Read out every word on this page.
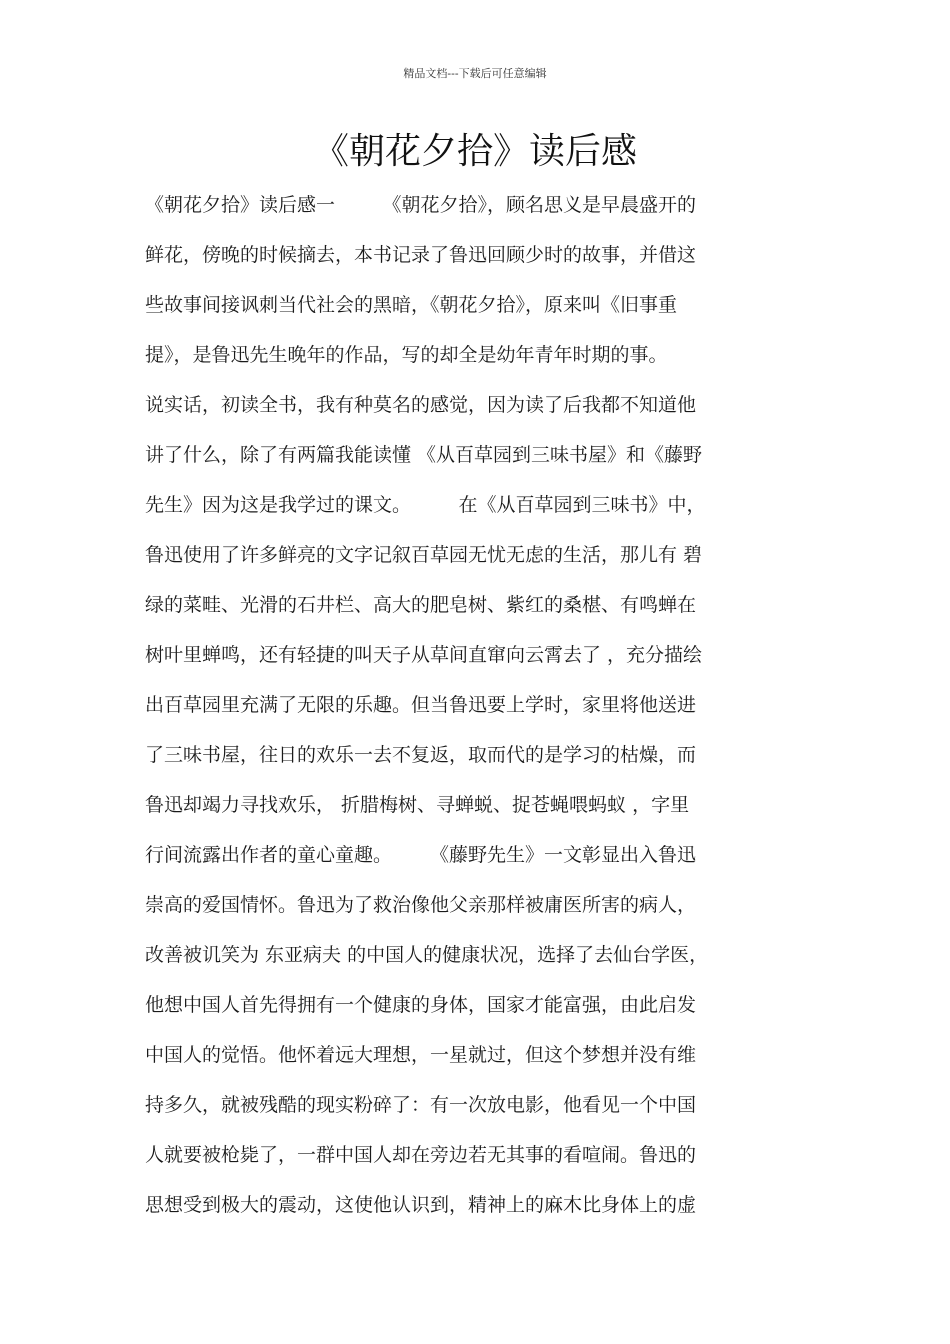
精品文档---下载后可任意编辑
《朝花夕拾》读后感
《朝花夕拾》读后感一　　　《朝花夕拾》，顾名思义是早晨盛开的
鲜花，傍晚的时候摘去，本书记录了鲁迅回顾少时的故事，并借这
些故事间接讽刺当代社会的黑暗，《朝花夕拾》，原来叫《旧事重
提》，是鲁迅先生晚年的作品，写的却全是幼年青年时期的事。
说实话，初读全书，我有种莫名的感觉，因为读了后我都不知道他
讲了什么，除了有两篇我能读懂 《从百草园到三味书屋》和《藤野
先生》因为这是我学过的课文。　　　在《从百草园到三味书》中，
鲁迅使用了许多鲜亮的文字记叙百草园无忧无虑的生活，那儿有 碧
绿的菜畦、光滑的石井栏、高大的肥皂树、紫红的桑椹、有鸣蝉在
树叶里蝉鸣，还有轻捷的叫天子从草间直窜向云霄去了 ，充分描绘
出百草园里充满了无限的乐趣。但当鲁迅要上学时，家里将他送进
了三味书屋，往日的欢乐一去不复返，取而代的是学习的枯燥，而
鲁迅却竭力寻找欢乐， 折腊梅树、寻蝉蜕、捉苍蝇喂蚂蚁 ，字里
行间流露出作者的童心童趣。　　　《藤野先生》一文彰显出入鲁迅
崇高的爱国情怀。鲁迅为了救治像他父亲那样被庸医所害的病人，
改善被讥笑为 东亚病夫 的中国人的健康状况，选择了去仙台学医，
他想中国人首先得拥有一个健康的身体，国家才能富强，由此启发
中国人的觉悟。他怀着远大理想，一星就过，但这个梦想并没有维
持多久，就被残酷的现实粉碎了：有一次放电影，他看见一个中国
人就要被枪毙了，一群中国人却在旁边若无其事的看喧闹。鲁迅的
思想受到极大的震动，这使他认识到，精神上的麻木比身体上的虚
